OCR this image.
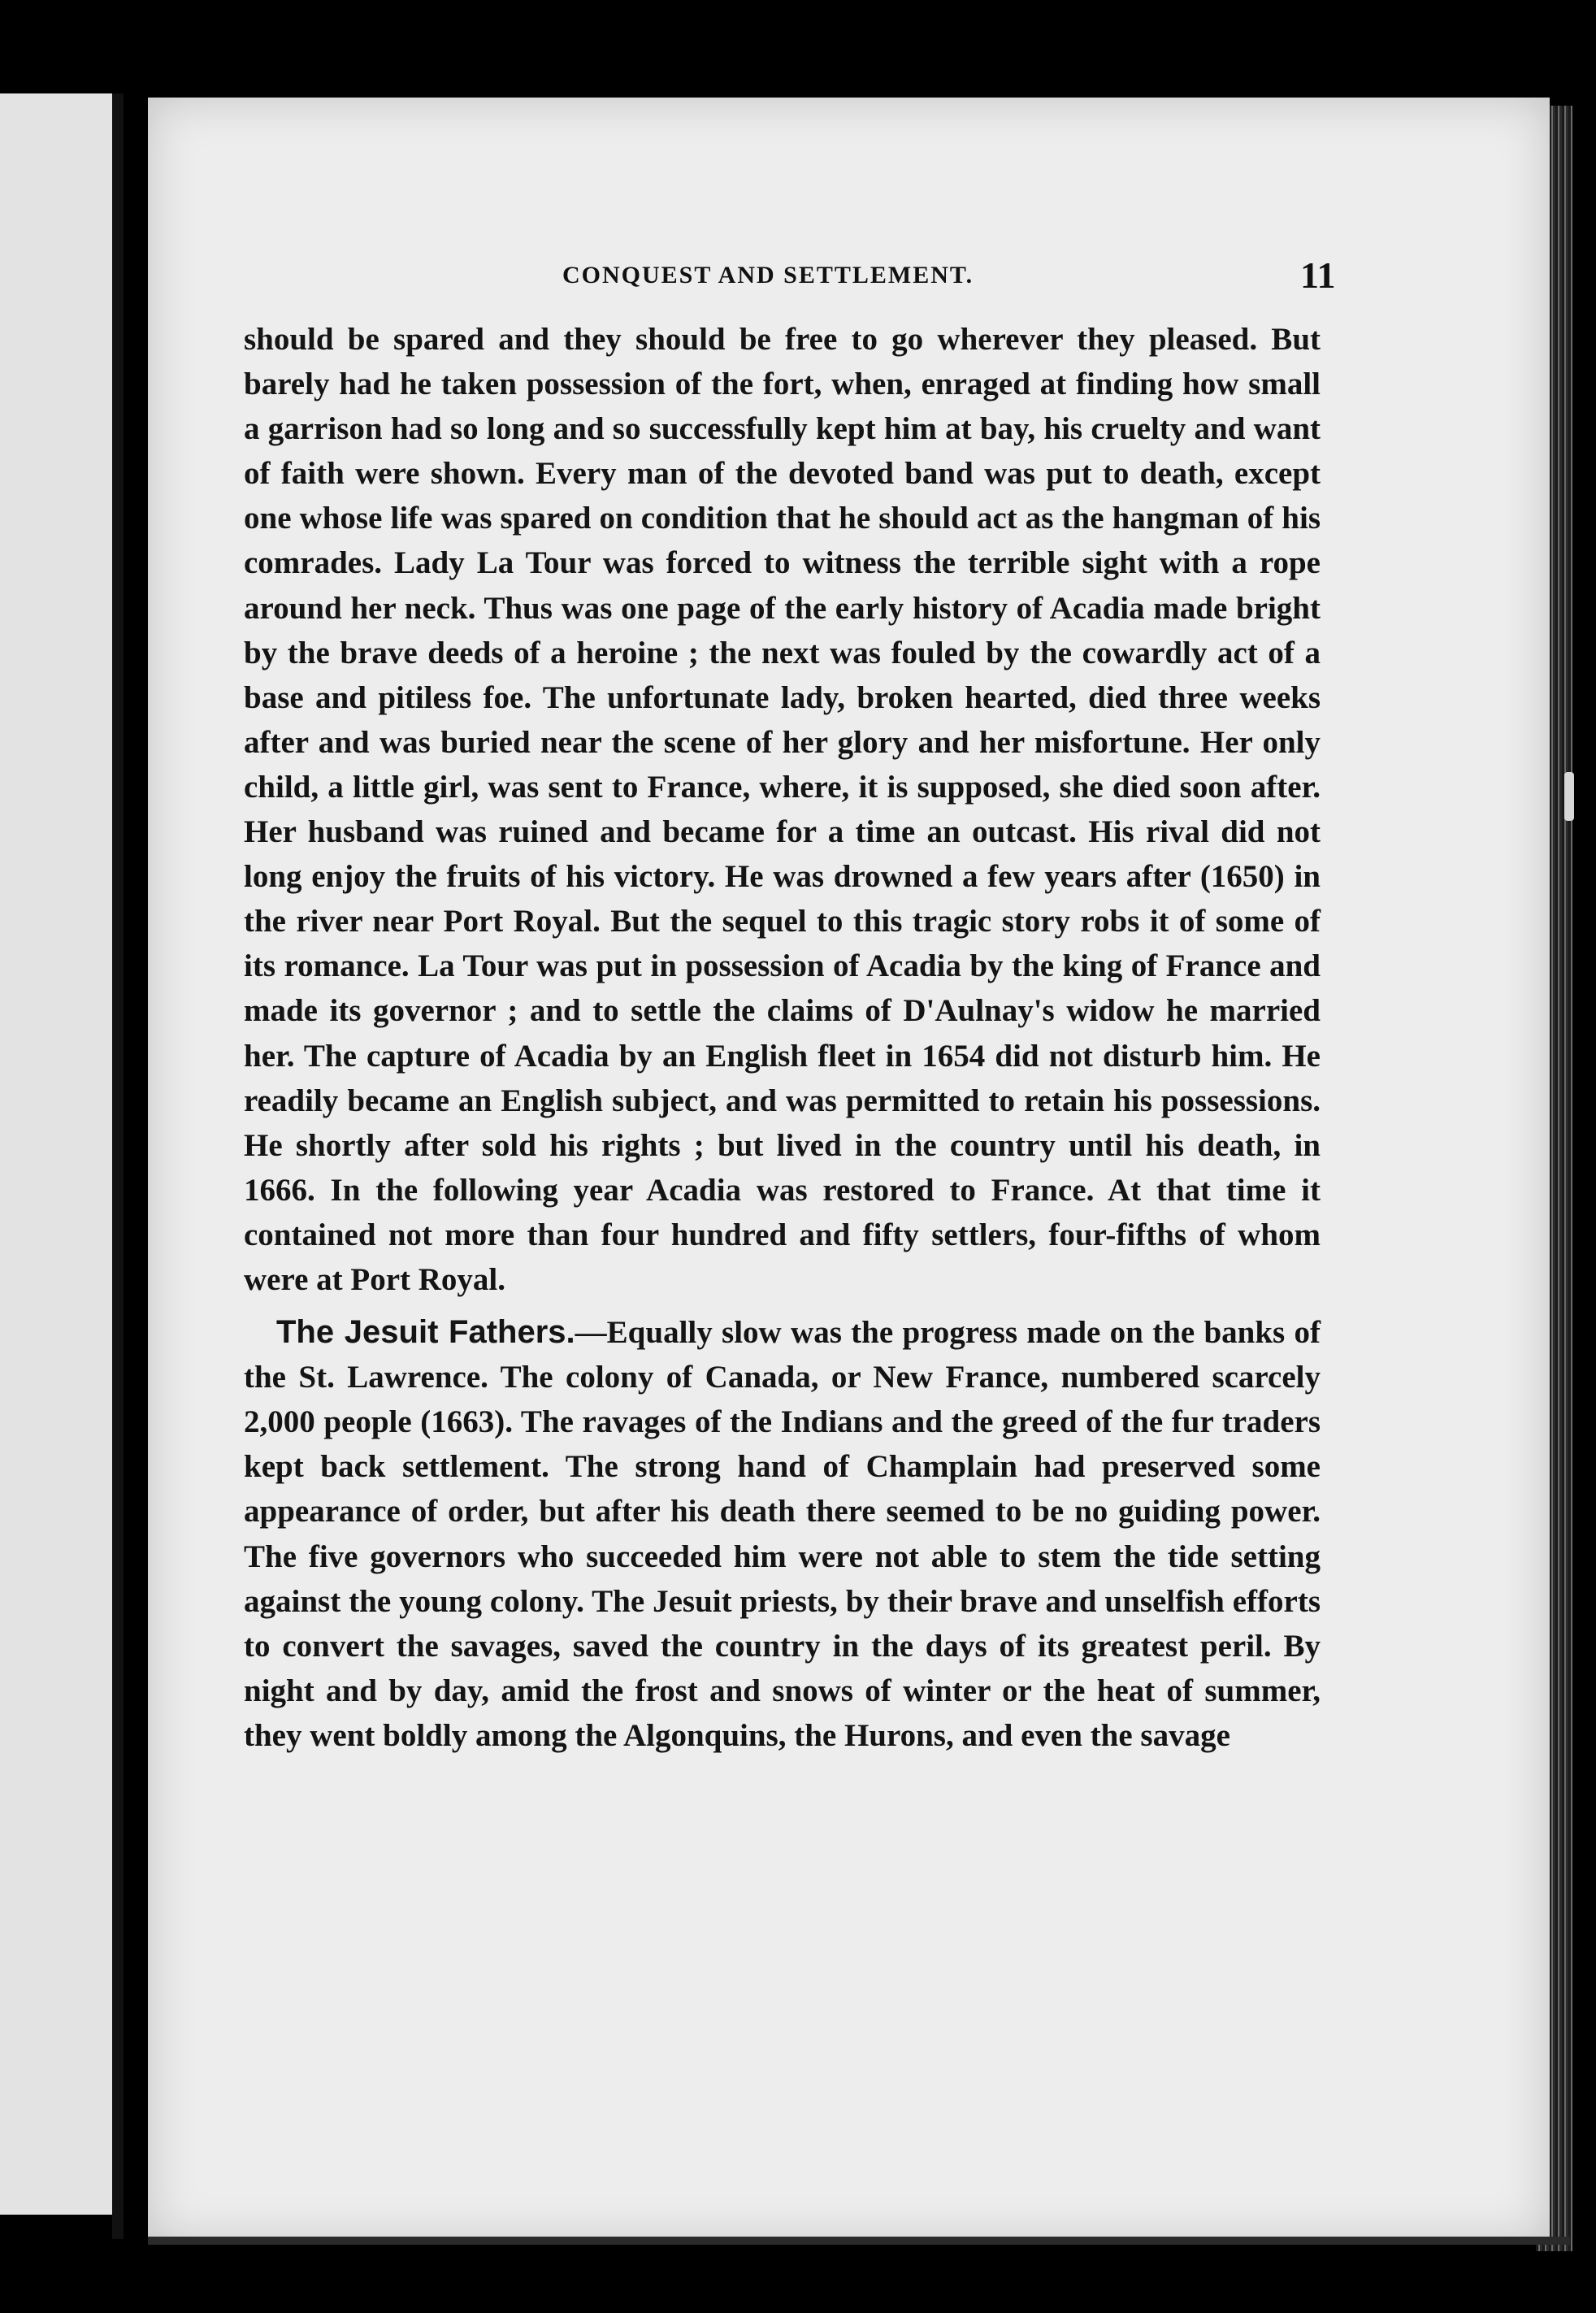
CONQUEST AND SETTLEMENT.	11

should be spared and they should be free to go wherever they pleased. But barely had he taken possession of the fort, when, enraged at finding how small a garrison had so long and so successfully kept him at bay, his cruelty and want of faith were shown. Every man of the devoted band was put to death, except one whose life was spared on condition that he should act as the hangman of his comrades. Lady La Tour was forced to witness the terrible sight with a rope around her neck. Thus was one page of the early history of Acadia made bright by the brave deeds of a heroine ; the next was fouled by the cowardly act of a base and pitiless foe. The unfortunate lady, broken hearted, died three weeks after and was buried near the scene of her glory and her misfortune. Her only child, a little girl, was sent to France, where, it is supposed, she died soon after. Her husband was ruined and became for a time an outcast. His rival did not long enjoy the fruits of his victory. He was drowned a few years after (1650) in the river near Port Royal. But the sequel to this tragic story robs it of some of its romance. La Tour was put in possession of Acadia by the king of France and made its governor ; and to settle the claims of D'Aulnay's widow he married her. The capture of Acadia by an English fleet in 1654 did not disturb him. He readily became an English subject, and was permitted to retain his possessions. He shortly after sold his rights ; but lived in the country until his death, in 1666. In the following year Acadia was restored to France. At that time it contained not more than four hundred and fifty settlers, four-fifths of whom were at Port Royal.

The Jesuit Fathers.—Equally slow was the progress made on the banks of the St. Lawrence. The colony of Canada, or New France, numbered scarcely 2,000 people (1663). The ravages of the Indians and the greed of the fur traders kept back settlement. The strong hand of Champlain had preserved some appearance of order, but after his death there seemed to be no guiding power. The five governors who succeeded him were not able to stem the tide setting against the young colony. The Jesuit priests, by their brave and unselfish efforts to convert the savages, saved the country in the days of its greatest peril. By night and by day, amid the frost and snows of winter or the heat of summer, they went boldly among the Algonquins, the Hurons, and even the savage
